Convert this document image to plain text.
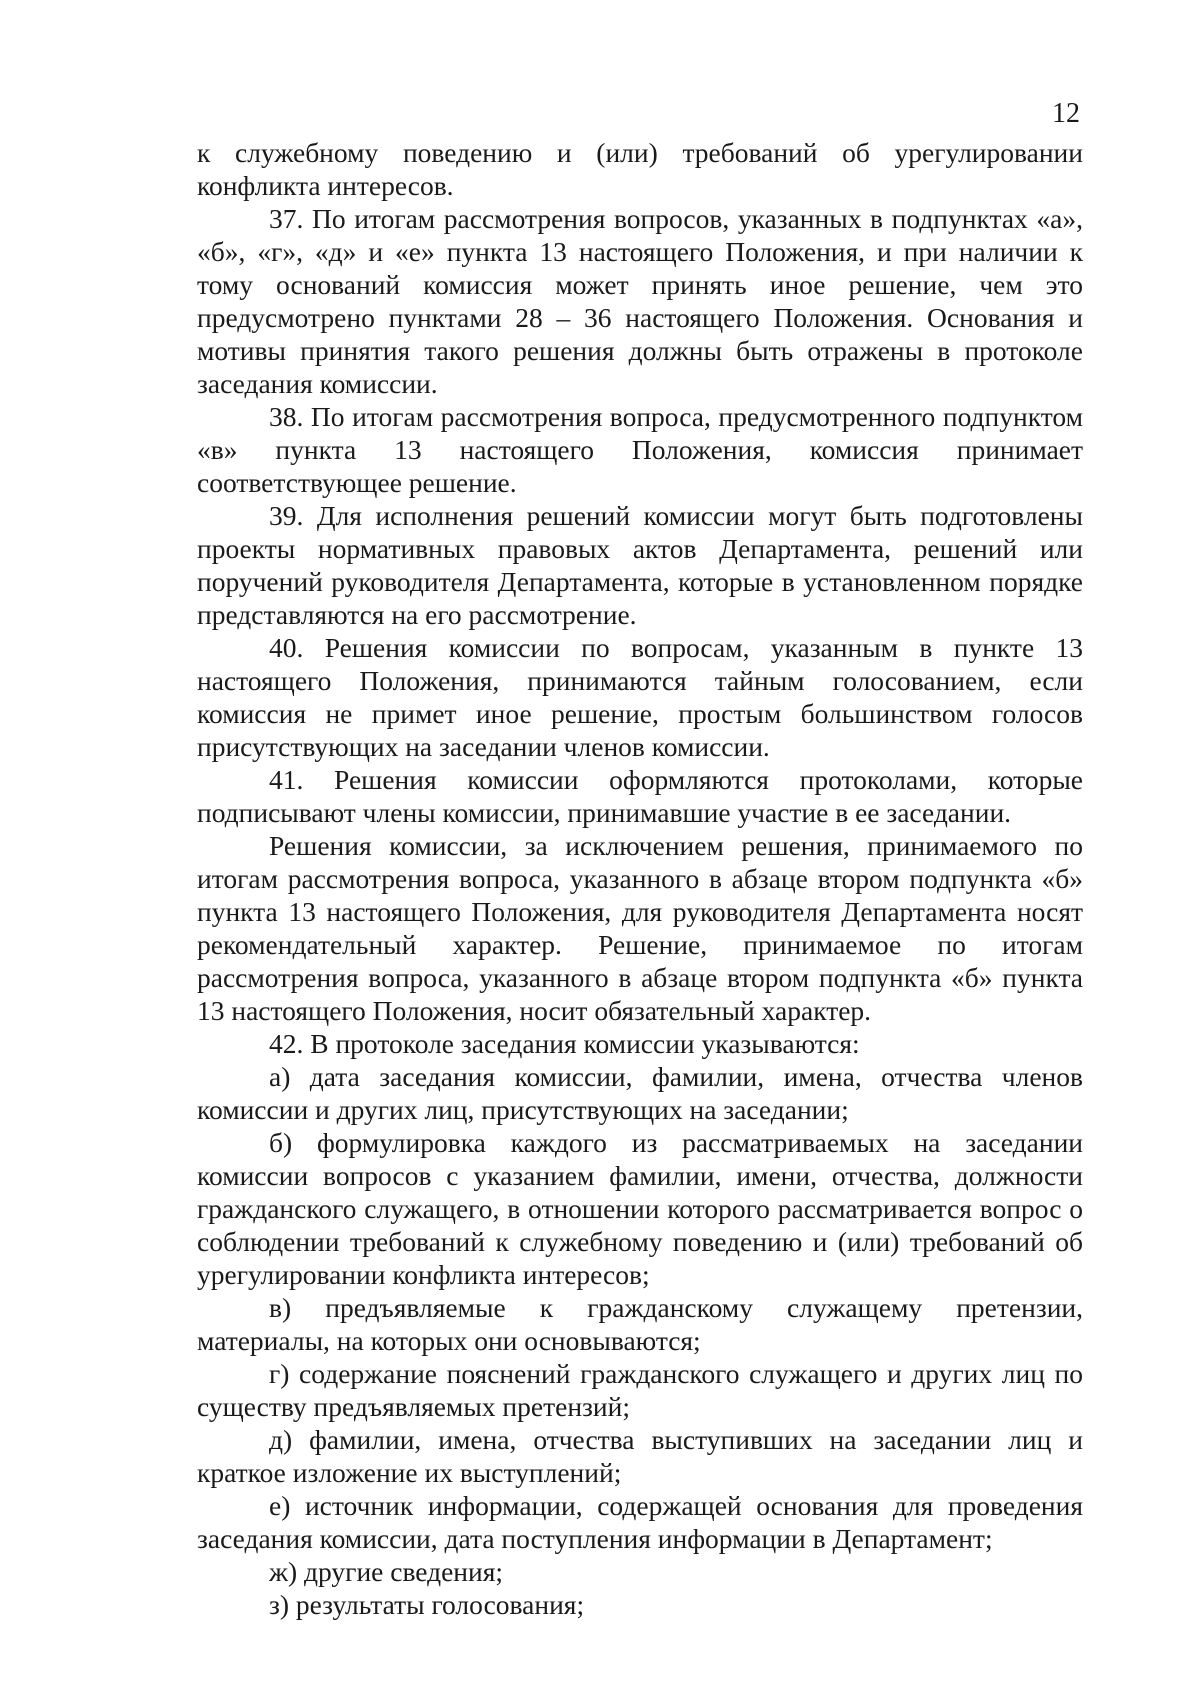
12

к служебному поведению и (или) требований об урегулировании конфликта интересов.

37. По итогам рассмотрения вопросов, указанных в подпунктах «а», «б», «г», «д» и «е» пункта 13 настоящего Положения, и при наличии к тому оснований комиссия может принять иное решение, чем это предусмотрено пунктами 28 – 36 настоящего Положения. Основания и мотивы принятия такого решения должны быть отражены в протоколе заседания комиссии.

38. По итогам рассмотрения вопроса, предусмотренного подпунктом «в» пункта 13 настоящего Положения, комиссия принимает соответствующее решение.

39. Для исполнения решений комиссии могут быть подготовлены проекты нормативных правовых актов Департамента, решений или поручений руководителя Департамента, которые в установленном порядке представляются на его рассмотрение.

40. Решения комиссии по вопросам, указанным в пункте 13 настоящего Положения, принимаются тайным голосованием, если комиссия не примет иное решение, простым большинством голосов присутствующих на заседании членов комиссии.

41. Решения комиссии оформляются протоколами, которые подписывают члены комиссии, принимавшие участие в ее заседании.

Решения комиссии, за исключением решения, принимаемого по итогам рассмотрения вопроса, указанного в абзаце втором подпункта «б» пункта 13 настоящего Положения, для руководителя Департамента носят рекомендательный характер. Решение, принимаемое по итогам рассмотрения вопроса, указанного в абзаце втором подпункта «б» пункта 13 настоящего Положения, носит обязательный характер.

42. В протоколе заседания комиссии указываются:

а) дата заседания комиссии, фамилии, имена, отчества членов комиссии и других лиц, присутствующих на заседании;

б) формулировка каждого из рассматриваемых на заседании комиссии вопросов с указанием фамилии, имени, отчества, должности гражданского служащего, в отношении которого рассматривается вопрос о соблюдении требований к служебному поведению и (или) требований об урегулировании конфликта интересов;

в) предъявляемые к гражданскому служащему претензии, материалы, на которых они основываются;

г) содержание пояснений гражданского служащего и других лиц по существу предъявляемых претензий;

д) фамилии, имена, отчества выступивших на заседании лиц и краткое изложение их выступлений;

е) источник информации, содержащей основания для проведения заседания комиссии, дата поступления информации в Департамент;

ж) другие сведения;

з) результаты голосования;
